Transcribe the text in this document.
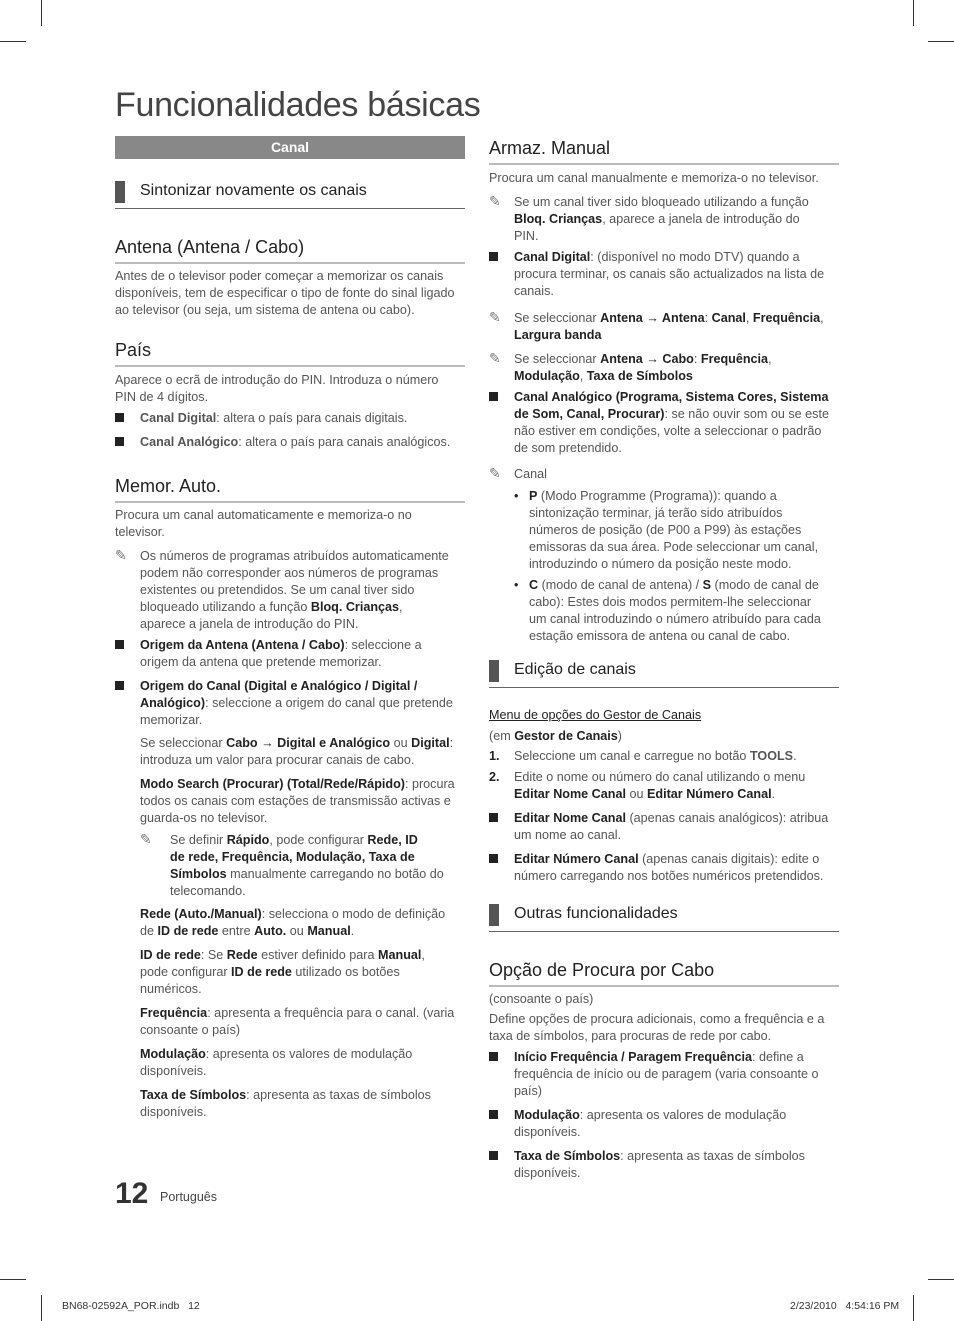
Funcionalidades básicas
Canal
Sintonizar novamente os canais
Antena (Antena / Cabo)
Antes de o televisor poder começar a memorizar os canais
disponíveis, tem de especificar o tipo de fonte do sinal ligado
ao televisor (ou seja, um sistema de antena ou cabo).
País
Aparece o ecrã de introdução do PIN. Introduza o número
PIN de 4 dígitos.
Canal Digital: altera o país para canais digitais.
Canal Analógico: altera o país para canais analógicos.
Memor. Auto.
Procura um canal automaticamente e memoriza-o no
televisor.
✎ Os números de programas atribuídos automaticamente
podem não corresponder aos números de programas
existentes ou pretendidos. Se um canal tiver sido
bloqueado utilizando a função Bloq. Crianças,
aparece a janela de introdução do PIN.
Origem da Antena (Antena / Cabo): seleccione a
origem da antena que pretende memorizar.
Origem do Canal (Digital e Analógico / Digital /
Analógico): seleccione a origem do canal que pretende
memorizar.
Se seleccionar Cabo → Digital e Analógico ou Digital:
introduza um valor para procurar canais de cabo.
Modo Search (Procurar) (Total/Rede/Rápido): procura
todos os canais com estações de transmissão activas e
guarda-os no televisor.
✎ Se definir Rápido, pode configurar Rede, ID
de rede, Frequência, Modulação, Taxa de
Símbolos manualmente carregando no botão do
telecomando.
Rede (Auto./Manual): selecciona o modo de definição
de ID de rede entre Auto. ou Manual.
ID de rede: Se Rede estiver definido para Manual,
pode configurar ID de rede utilizado os botões
numéricos.
Frequência: apresenta a frequência para o canal. (varia
consoante o país)
Modulação: apresenta os valores de modulação
disponíveis.
Taxa de Símbolos: apresenta as taxas de símbolos
disponíveis.
Armaz. Manual
Procura um canal manualmente e memoriza-o no televisor.
✎ Se um canal tiver sido bloqueado utilizando a função
Bloq. Crianças, aparece a janela de introdução do
PIN.
Canal Digital: (disponível no modo DTV) quando a
procura terminar, os canais são actualizados na lista de
canais.
✎ Se seleccionar Antena → Antena: Canal, Frequência,
Largura banda
✎ Se seleccionar Antena → Cabo: Frequência,
Modulação, Taxa de Símbolos
Canal Analógico (Programa, Sistema Cores, Sistema
de Som, Canal, Procurar): se não ouvir som ou se este
não estiver em condições, volte a seleccionar o padrão
de som pretendido.
✎ Canal
• P (Modo Programme (Programa)): quando a
sintonização terminar, já terão sido atribuídos
números de posição (de P00 a P99) às estações
emissoras da sua área. Pode seleccionar um canal,
introduzindo o número da posição neste modo.
• C (modo de canal de antena) / S (modo de canal de
cabo): Estes dois modos permitem-lhe seleccionar
um canal introduzindo o número atribuído para cada
estação emissora de antena ou canal de cabo.
Edição de canais
Menu de opções do Gestor de Canais
(em Gestor de Canais)
1. Seleccione um canal e carregue no botão TOOLS.
2. Edite o nome ou número do canal utilizando o menu
Editar Nome Canal ou Editar Número Canal.
Editar Nome Canal (apenas canais analógicos): atribua
um nome ao canal.
Editar Número Canal (apenas canais digitais): edite o
número carregando nos botões numéricos pretendidos.
Outras funcionalidades
Opção de Procura por Cabo
(consoante o país)
Define opções de procura adicionais, como a frequência e a
taxa de símbolos, para procuras de rede por cabo.
Início Frequência / Paragem Frequência: define a
frequência de início ou de paragem (varia consoante o
país)
Modulação: apresenta os valores de modulação
disponíveis.
Taxa de Símbolos: apresenta as taxas de símbolos
disponíveis.
12 Português
BN68-02592A_POR.indb   12	2/23/2010   4:54:16 PM
